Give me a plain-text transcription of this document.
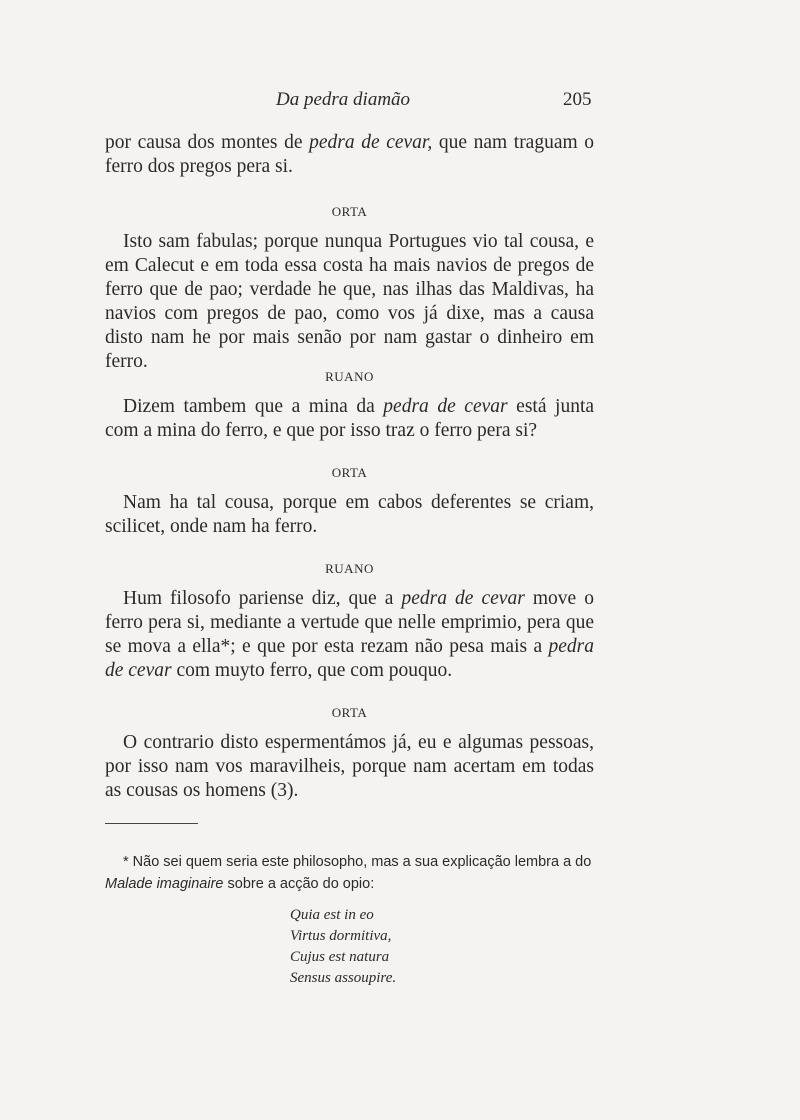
Da pedra diamão	205

por causa dos montes de pedra de cevar, que nam traguam o ferro dos pregos pera si.

ORTA

Isto sam fabulas; porque nunqua Portugues vio tal cousa, e em Calecut e em toda essa costa ha mais navios de pregos de ferro que de pao; verdade he que, nas ilhas das Maldivas, ha navios com pregos de pao, como vos já dixe, mas a causa disto nam he por mais senão por nam gastar o dinheiro em ferro.

RUANO

Dizem tambem que a mina da pedra de cevar está junta com a mina do ferro, e que por isso traz o ferro pera si?

ORTA

Nam ha tal cousa, porque em cabos deferentes se criam, scilicet, onde nam ha ferro.

RUANO

Hum filosofo pariense diz, que a pedra de cevar move o ferro pera si, mediante a vertude que nelle emprimio, pera que se mova a ella*; e que por esta rezam não pesa mais a pedra de cevar com muyto ferro, que com pouquo.

ORTA

O contrario disto espermentámos já, eu e algumas pessoas, por isso nam vos maravilheis, porque nam acertam em todas as cousas os homens (3).

* Não sei quem seria este philosopho, mas a sua explicação lembra a do Malade imaginaire sobre a acção do opio:

Quia est in eo
Virtus dormitiva,
Cujus est natura
Sensus assoupire.
